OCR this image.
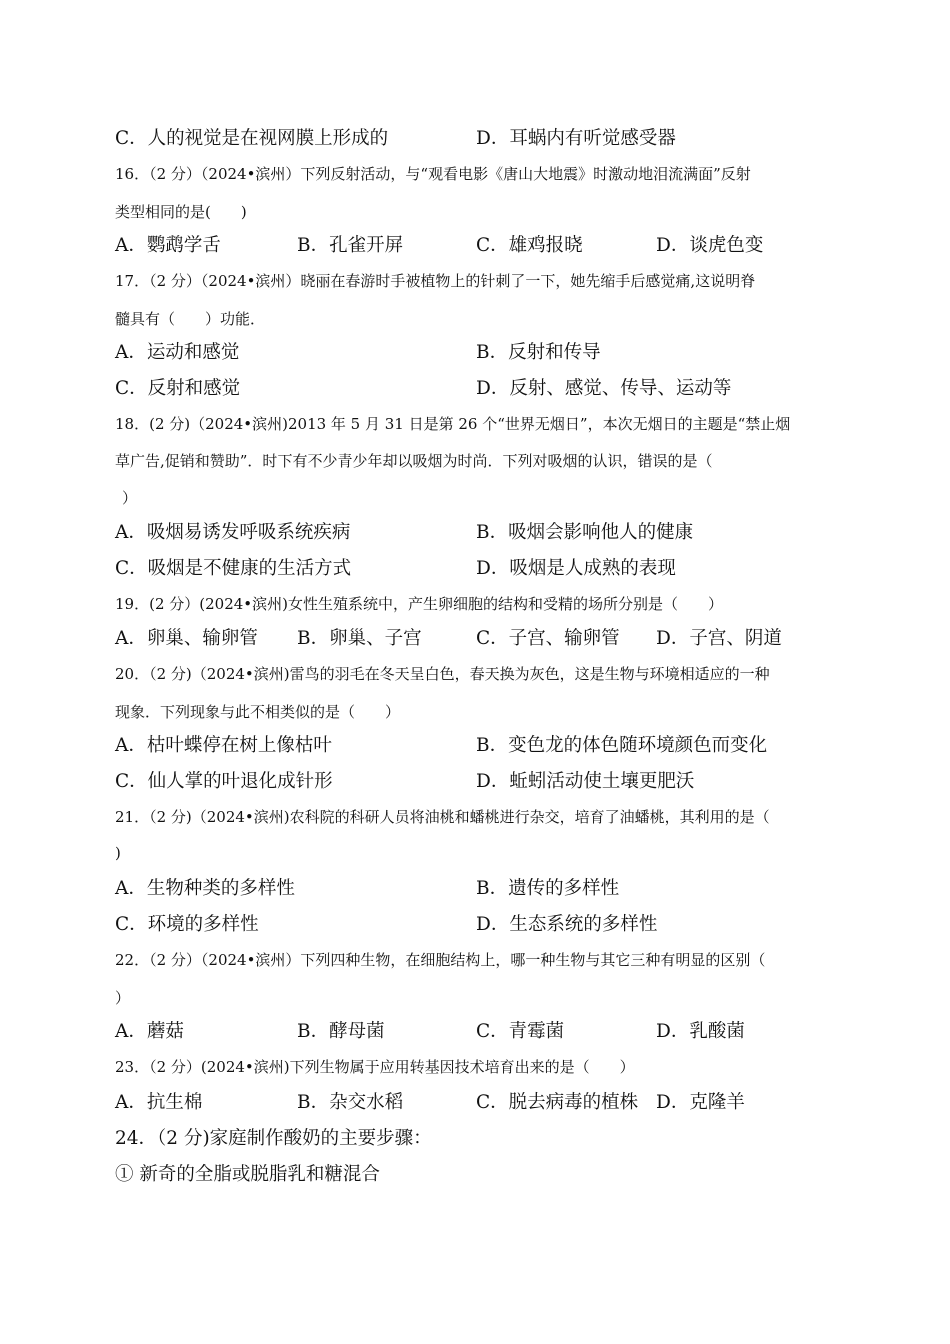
C．人的视觉是在视网膜上形成的	D．耳蜗内有听觉感受器
16．（2 分）（2024•滨州）下列反射活动，与“观看电影《唐山大地震》时激动地泪流满面”反射
类型相同的是(　　)
A．鹦鹉学舌	B．孔雀开屏	C．雄鸡报晓	D．谈虎色变
17．（2 分）（2024•滨州）晓丽在春游时手被植物上的针刺了一下，她先缩手后感觉痛,这说明脊
髓具有（　　）功能．
A．运动和感觉	B．反射和传导
C．反射和感觉	D．反射、感觉、传导、运动等
18．(2 分)（2024•滨州)2013 年 5 月 31 日是第 26 个“世界无烟日”，本次无烟日的主题是“禁止烟
草广告,促销和赞助”．时下有不少青少年却以吸烟为时尚．下列对吸烟的认识，错误的是（
）
A．吸烟易诱发呼吸系统疾病	B．吸烟会影响他人的健康
C．吸烟是不健康的生活方式	D．吸烟是人成熟的表现
19．(2 分）(2024•滨州)女性生殖系统中，产生卵细胞的结构和受精的场所分别是（　　）
A．卵巢、输卵管 B．卵巢、子宫	C．子宫、输卵管 D．子宫、阴道
20．（2 分)（2024•滨州)雷鸟的羽毛在冬天呈白色，春天换为灰色，这是生物与环境相适应的一种
现象．下列现象与此不相类似的是（　　）
A．枯叶蝶停在树上像枯叶	B．变色龙的体色随环境颜色而变化
C．仙人掌的叶退化成针形	D．蚯蚓活动使土壤更肥沃
21．（2 分)（2024•滨州)农科院的科研人员将油桃和蟠桃进行杂交，培育了油蟠桃，其利用的是（
)
A．生物种类的多样性	B．遗传的多样性
C．环境的多样性	D．生态系统的多样性
22．（2 分）（2024•滨州）下列四种生物，在细胞结构上，哪一种生物与其它三种有明显的区别（
）
A．蘑菇	B．酵母菌	C．青霉菌	D．乳酸菌
23．（2 分）(2024•滨州)下列生物属于应用转基因技术培育出来的是（　　）
A．抗生棉	B．杂交水稻	C．脱去病毒的植株 D．克隆羊
24．（2 分)家庭制作酸奶的主要步骤：
① 新奇的全脂或脱脂乳和糖混合
